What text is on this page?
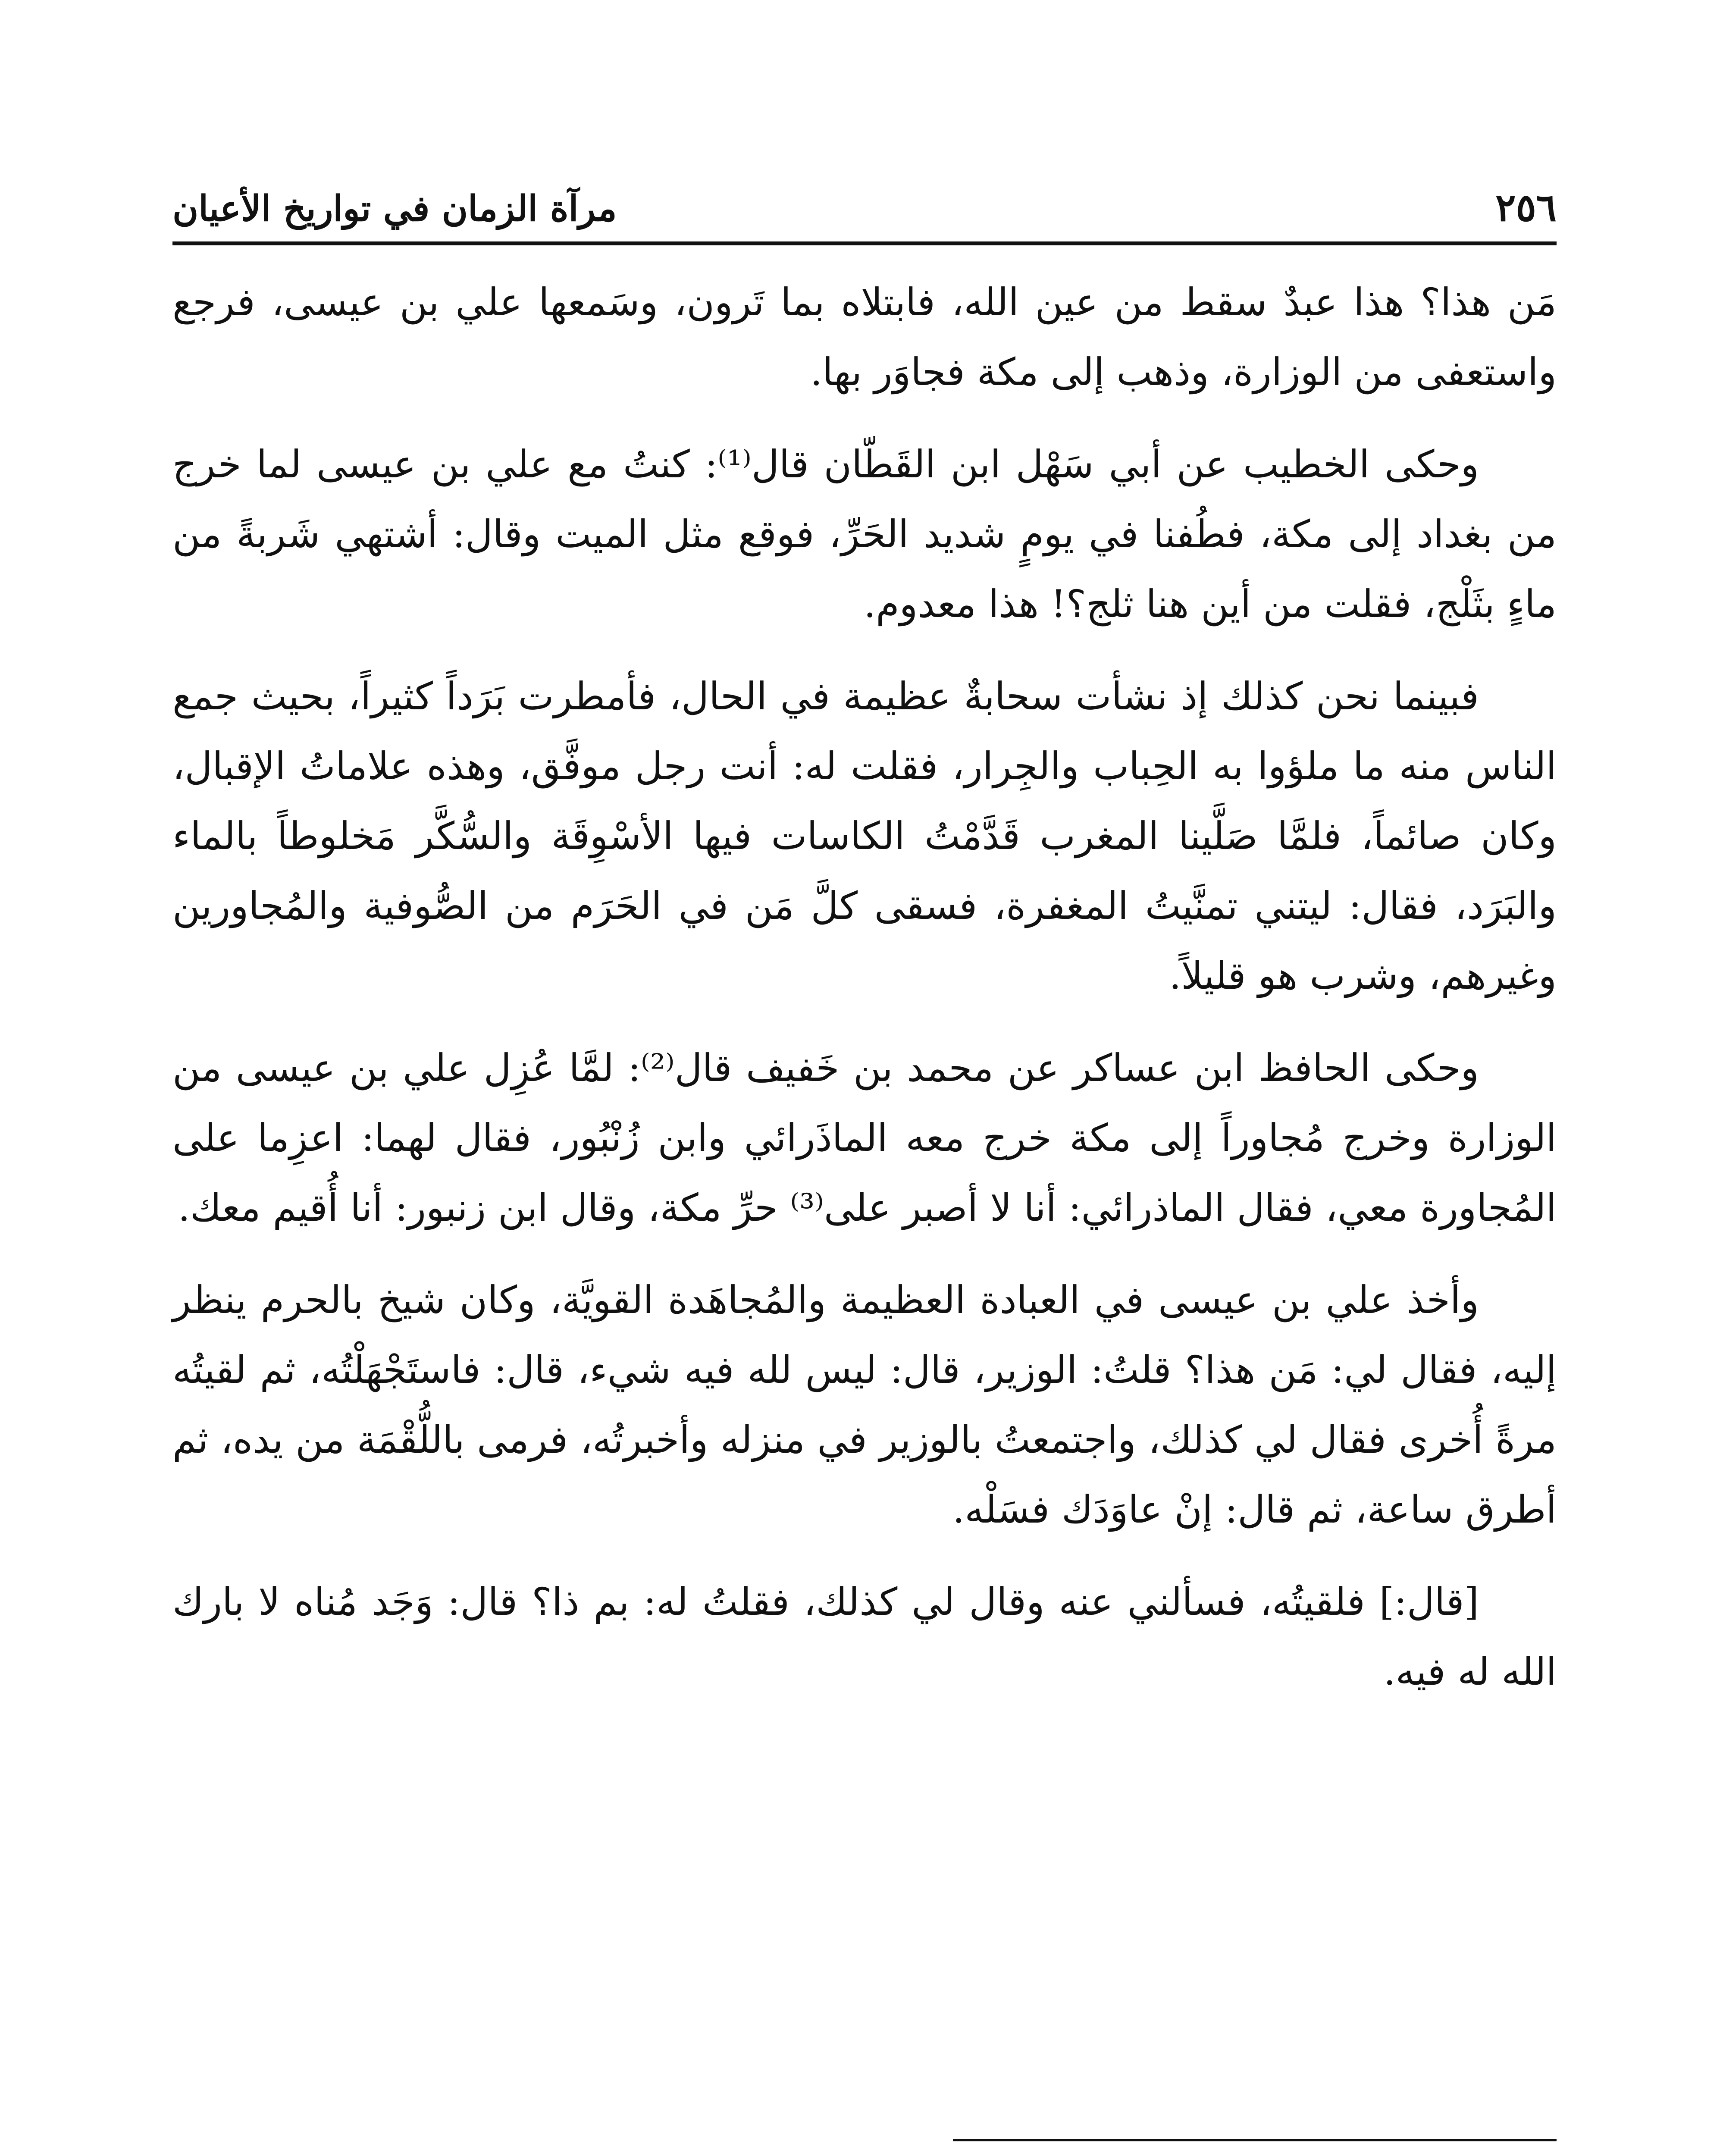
٢٥٦
مرآة الزمان في تواريخ الأعيان

مَن هذا؟ هذا عبدٌ سقط من عين الله، فابتلاه بما تَرون، وسَمعها علي بن عيسى، فرجع واستعفى من الوزارة، وذهب إلى مكة فجاوَر بها.

وحكى الخطيب عن أبي سَهْل ابن القَطّان قال⁽¹⁾: كنتُ مع علي بن عيسى لما خرج من بغداد إلى مكة، فطُفنا في يومٍ شديد الحَرِّ، فوقع مثل الميت وقال: أشتهي شَربةً من ماءٍ بثَلْج، فقلت من أين هنا ثلج؟! هذا معدوم.

فبينما نحن كذلك إذ نشأت سحابةٌ عظيمة في الحال، فأمطرت بَرَداً كثيراً، بحيث جمع الناس منه ما ملؤوا به الحِباب والجِرار، فقلت له: أنت رجل موفَّق، وهذه علاماتُ الإقبال، وكان صائماً، فلمَّا صَلَّينا المغرب قَدَّمْتُ الكاسات فيها الأسْوِقَة والسُّكَّر مَخلوطاً بالماء والبَرَد، فقال: ليتني تمنَّيتُ المغفرة، فسقى كلَّ مَن في الحَرَم من الصُّوفية والمُجاورين وغيرهم، وشرب هو قليلاً.

وحكى الحافظ ابن عساكر عن محمد بن خَفيف قال⁽²⁾: لمَّا عُزِل علي بن عيسى من الوزارة وخرج مُجاوراً إلى مكة خرج معه الماذَرائي وابن زُنْبُور، فقال لهما: اعزِما على المُجاورة معي، فقال الماذرائي: أنا لا أصبر على⁽³⁾ حرِّ مكة، وقال ابن زنبور: أنا أُقيم معك.

وأخذ علي بن عيسى في العبادة العظيمة والمُجاهَدة القويَّة، وكان شيخ بالحرم ينظر إليه، فقال لي: مَن هذا؟ قلتُ: الوزير، قال: ليس لله فيه شيء، قال: فاستَجْهَلْتُه، ثم لقيتُه مرةً أُخرى فقال لي كذلك، واجتمعتُ بالوزير في منزله وأخبرتُه، فرمى باللُّقْمَة من يده، ثم أطرق ساعة، ثم قال: إنْ عاوَدَك فسَلْه.

[قال:] فلقيتُه، فسألني عنه وقال لي كذلك، فقلتُ له: بم ذا؟ قال: وَجَد مُناه لا بارك الله له فيه.
